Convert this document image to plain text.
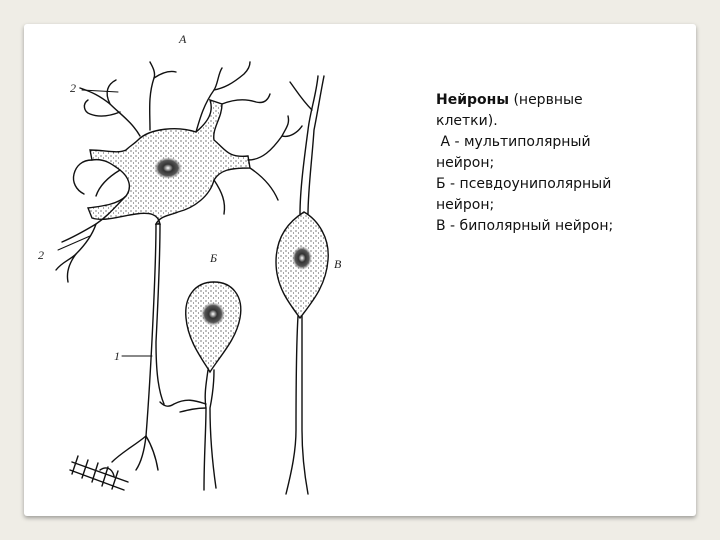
А
Б	В
2
2
1
Нейроны (нервные
клетки).
А - мультиполярный
нейрон;
Б - псевдоуниполярный
нейрон;
В - биполярный нейрон;
